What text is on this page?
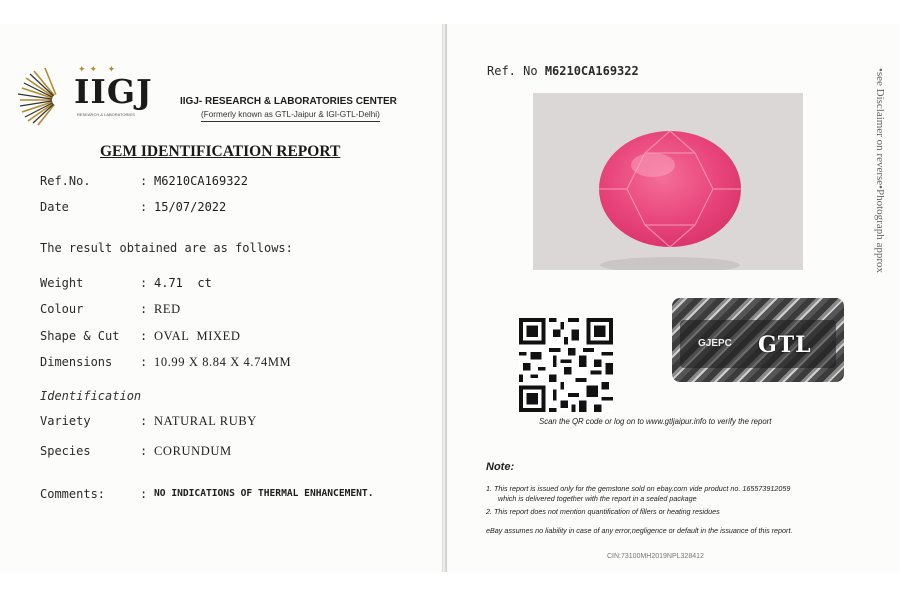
✦✦ ✦
IIGJ
RESEARCH & LABORATORIES
IIGJ- RESEARCH & LABORATORIES CENTER
(Formerly known as GTL-Jaipur & IGI-GTL-Delhi)
GEM IDENTIFICATION REPORT
Ref.No.	: M6210CA169322
Date	: 15/07/2022
The result obtained are as follows:
Weight	: 4.71  ct
Colour	: RED
Shape & Cut : OVAL  MIXED
Dimensions : 10.99 X 8.84 X 4.74MM
Identification
Variety	: NATURAL RUBY
Species	: CORUNDUM
Comments:	: NO INDICATIONS OF THERMAL ENHANCEMENT.
Ref. No M6210CA169322
GJEPC GTL
Scan the QR code or log on to www.gtljaipur.info to verify the report
Note:
1. This report is issued only for the gemstone sold on ebay.com vide product no. 165573912059
which is delivered together with the report in a sealed package
2. This report does not mention quantification of fillers or heating residues
eBay assumes no liability in case of any error,negligence or default in the issuance of this report.
CIN:73100MH2019NPL328412
•see Disclaimer on reverse•Photograph approx
